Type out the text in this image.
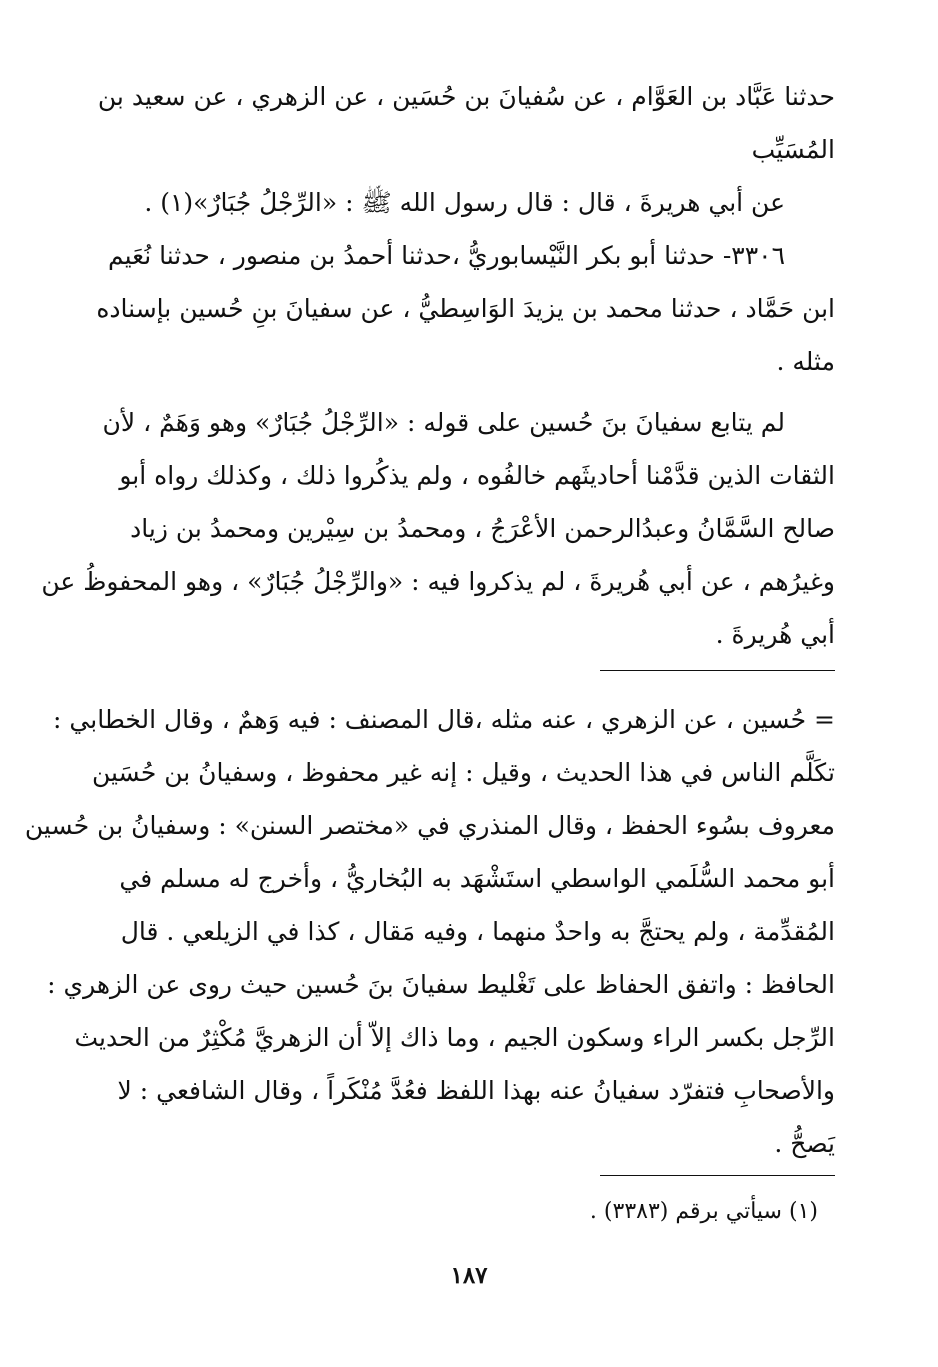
حدثنا عَبَّاد بن العَوَّام ، عن سُفيانَ بن حُسَين ، عن الزهري ، عن سعيد بن
المُسَيِّب
عن أبي هريرةَ ، قال : قال رسول الله ﷺ : «الرِّجْلُ جُبَارٌ»(١) .
٣٣٠٦- حدثنا أبو بكر النَّيْسابوريُّ ،حدثنا أحمدُ بن منصور ، حدثنا نُعَيم
ابن حَمَّاد ، حدثنا محمد بن يزيدَ الوَاسِطيُّ ، عن سفيانَ بنِ حُسين بإسناده
مثله .
لم يتابع سفيانَ بنَ حُسين على قوله : «الرِّجْلُ جُبَارٌ» وهو وَهَمٌ ، لأن
الثقات الذين قدَّمْنا أحاديثَهم خالفُوه ، ولم يذكُروا ذلك ، وكذلك رواه أبو
صالح السَّمَّانُ وعبدُالرحمن الأعْرَجُ ، ومحمدُ بن سِيْرين ومحمدُ بن زياد
وغيرُهم ، عن أبي هُريرةَ ، لم يذكروا فيه : «والرِّجْلُ جُبَارٌ» ، وهو المحفوظُ عن
أبي هُريرةَ .
= حُسين ، عن الزهري ، عنه مثله ،قال المصنف : فيه وَهمٌ ، وقال الخطابي :
تكَلَّم الناس في هذا الحديث ، وقيل : إنه غير محفوظ ، وسفيانُ بن حُسَين
معروف بسُوء الحفظ ، وقال المنذري في «مختصر السنن» : وسفيانُ بن حُسين
أبو محمد السُّلَمي الواسطي استَشْهَد به البُخاريُّ ، وأخرج له مسلم في
المُقدِّمة ، ولم يحتجَّ به واحدٌ منهما ، وفيه مَقال ، كذا في الزيلعي . قال
الحافظ : واتفق الحفاظ على تَغْليط سفيانَ بنَ حُسين حيث روى عن الزهري :
الرِّجل بكسر الراء وسكون الجيم ، وما ذاك إلاّ أن الزهريَّ مُكْثِرٌ من الحديث
والأصحابِ فتفرّد سفيانُ عنه بهذا اللفظ فعُدَّ مُنْكَراً ، وقال الشافعي : لا
يَصحُّ .
(١) سيأتي برقم (٣٣٨٣) .
١٨٧
